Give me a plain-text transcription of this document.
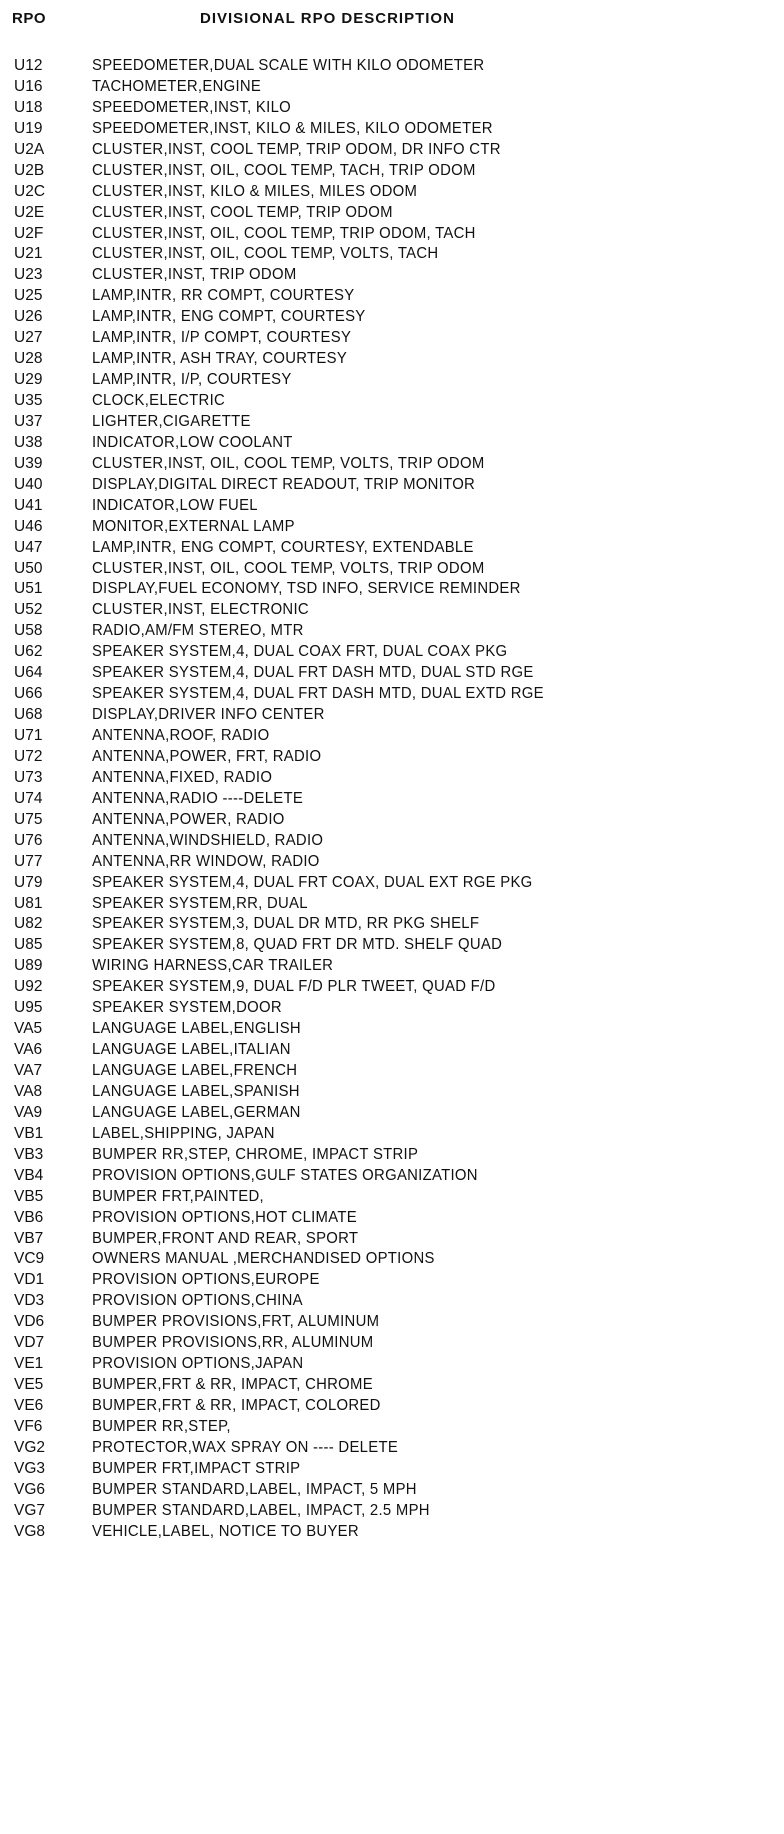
RPO	DIVISIONAL RPO DESCRIPTION
U12	SPEEDOMETER,DUAL SCALE WITH KILO ODOMETER
U16	TACHOMETER,ENGINE
U18	SPEEDOMETER,INST, KILO
U19	SPEEDOMETER,INST, KILO & MILES, KILO ODOMETER
U2A	CLUSTER,INST, COOL TEMP, TRIP ODOM, DR INFO CTR
U2B	CLUSTER,INST, OIL, COOL TEMP, TACH, TRIP ODOM
U2C	CLUSTER,INST, KILO & MILES, MILES ODOM
U2E	CLUSTER,INST, COOL TEMP, TRIP ODOM
U2F	CLUSTER,INST, OIL, COOL TEMP, TRIP ODOM, TACH
U21	CLUSTER,INST, OIL, COOL TEMP, VOLTS, TACH
U23	CLUSTER,INST, TRIP ODOM
U25	LAMP,INTR, RR COMPT, COURTESY
U26	LAMP,INTR, ENG COMPT, COURTESY
U27	LAMP,INTR, I/P COMPT, COURTESY
U28	LAMP,INTR, ASH TRAY, COURTESY
U29	LAMP,INTR, I/P, COURTESY
U35	CLOCK,ELECTRIC
U37	LIGHTER,CIGARETTE
U38	INDICATOR,LOW COOLANT
U39	CLUSTER,INST, OIL, COOL TEMP, VOLTS, TRIP ODOM
U40	DISPLAY,DIGITAL DIRECT READOUT, TRIP MONITOR
U41	INDICATOR,LOW FUEL
U46	MONITOR,EXTERNAL LAMP
U47	LAMP,INTR, ENG COMPT, COURTESY, EXTENDABLE
U50	CLUSTER,INST, OIL, COOL TEMP, VOLTS, TRIP ODOM
U51	DISPLAY,FUEL ECONOMY, TSD INFO, SERVICE REMINDER
U52	CLUSTER,INST, ELECTRONIC
U58	RADIO,AM/FM STEREO, MTR
U62	SPEAKER SYSTEM,4, DUAL COAX FRT, DUAL COAX PKG
U64	SPEAKER SYSTEM,4, DUAL FRT DASH MTD, DUAL STD RGE
U66	SPEAKER SYSTEM,4, DUAL FRT DASH MTD, DUAL EXTD RGE
U68	DISPLAY,DRIVER INFO CENTER
U71	ANTENNA,ROOF, RADIO
U72	ANTENNA,POWER, FRT, RADIO
U73	ANTENNA,FIXED, RADIO
U74	ANTENNA,RADIO ----DELETE
U75	ANTENNA,POWER, RADIO
U76	ANTENNA,WINDSHIELD, RADIO
U77	ANTENNA,RR WINDOW, RADIO
U79	SPEAKER SYSTEM,4, DUAL FRT COAX, DUAL EXT RGE PKG
U81	SPEAKER SYSTEM,RR, DUAL
U82	SPEAKER SYSTEM,3, DUAL DR MTD, RR PKG SHELF
U85	SPEAKER SYSTEM,8, QUAD FRT DR MTD. SHELF QUAD
U89	WIRING HARNESS,CAR TRAILER
U92	SPEAKER SYSTEM,9, DUAL F/D PLR TWEET, QUAD F/D
U95	SPEAKER SYSTEM,DOOR
VA5	LANGUAGE LABEL,ENGLISH
VA6	LANGUAGE LABEL,ITALIAN
VA7	LANGUAGE LABEL,FRENCH
VA8	LANGUAGE LABEL,SPANISH
VA9	LANGUAGE LABEL,GERMAN
VB1	LABEL,SHIPPING, JAPAN
VB3	BUMPER RR,STEP, CHROME, IMPACT STRIP
VB4	PROVISION OPTIONS,GULF STATES ORGANIZATION
VB5	BUMPER FRT,PAINTED,
VB6	PROVISION OPTIONS,HOT CLIMATE
VB7	BUMPER,FRONT AND REAR, SPORT
VC9	OWNERS MANUAL ,MERCHANDISED OPTIONS
VD1	PROVISION OPTIONS,EUROPE
VD3	PROVISION OPTIONS,CHINA
VD6	BUMPER PROVISIONS,FRT, ALUMINUM
VD7	BUMPER PROVISIONS,RR, ALUMINUM
VE1	PROVISION OPTIONS,JAPAN
VE5	BUMPER,FRT & RR, IMPACT, CHROME
VE6	BUMPER,FRT & RR, IMPACT, COLORED
VF6	BUMPER RR,STEP,
VG2	PROTECTOR,WAX SPRAY ON ---- DELETE
VG3	BUMPER FRT,IMPACT STRIP
VG6	BUMPER STANDARD,LABEL, IMPACT, 5 MPH
VG7	BUMPER STANDARD,LABEL, IMPACT, 2.5 MPH
VG8	VEHICLE,LABEL, NOTICE TO BUYER
